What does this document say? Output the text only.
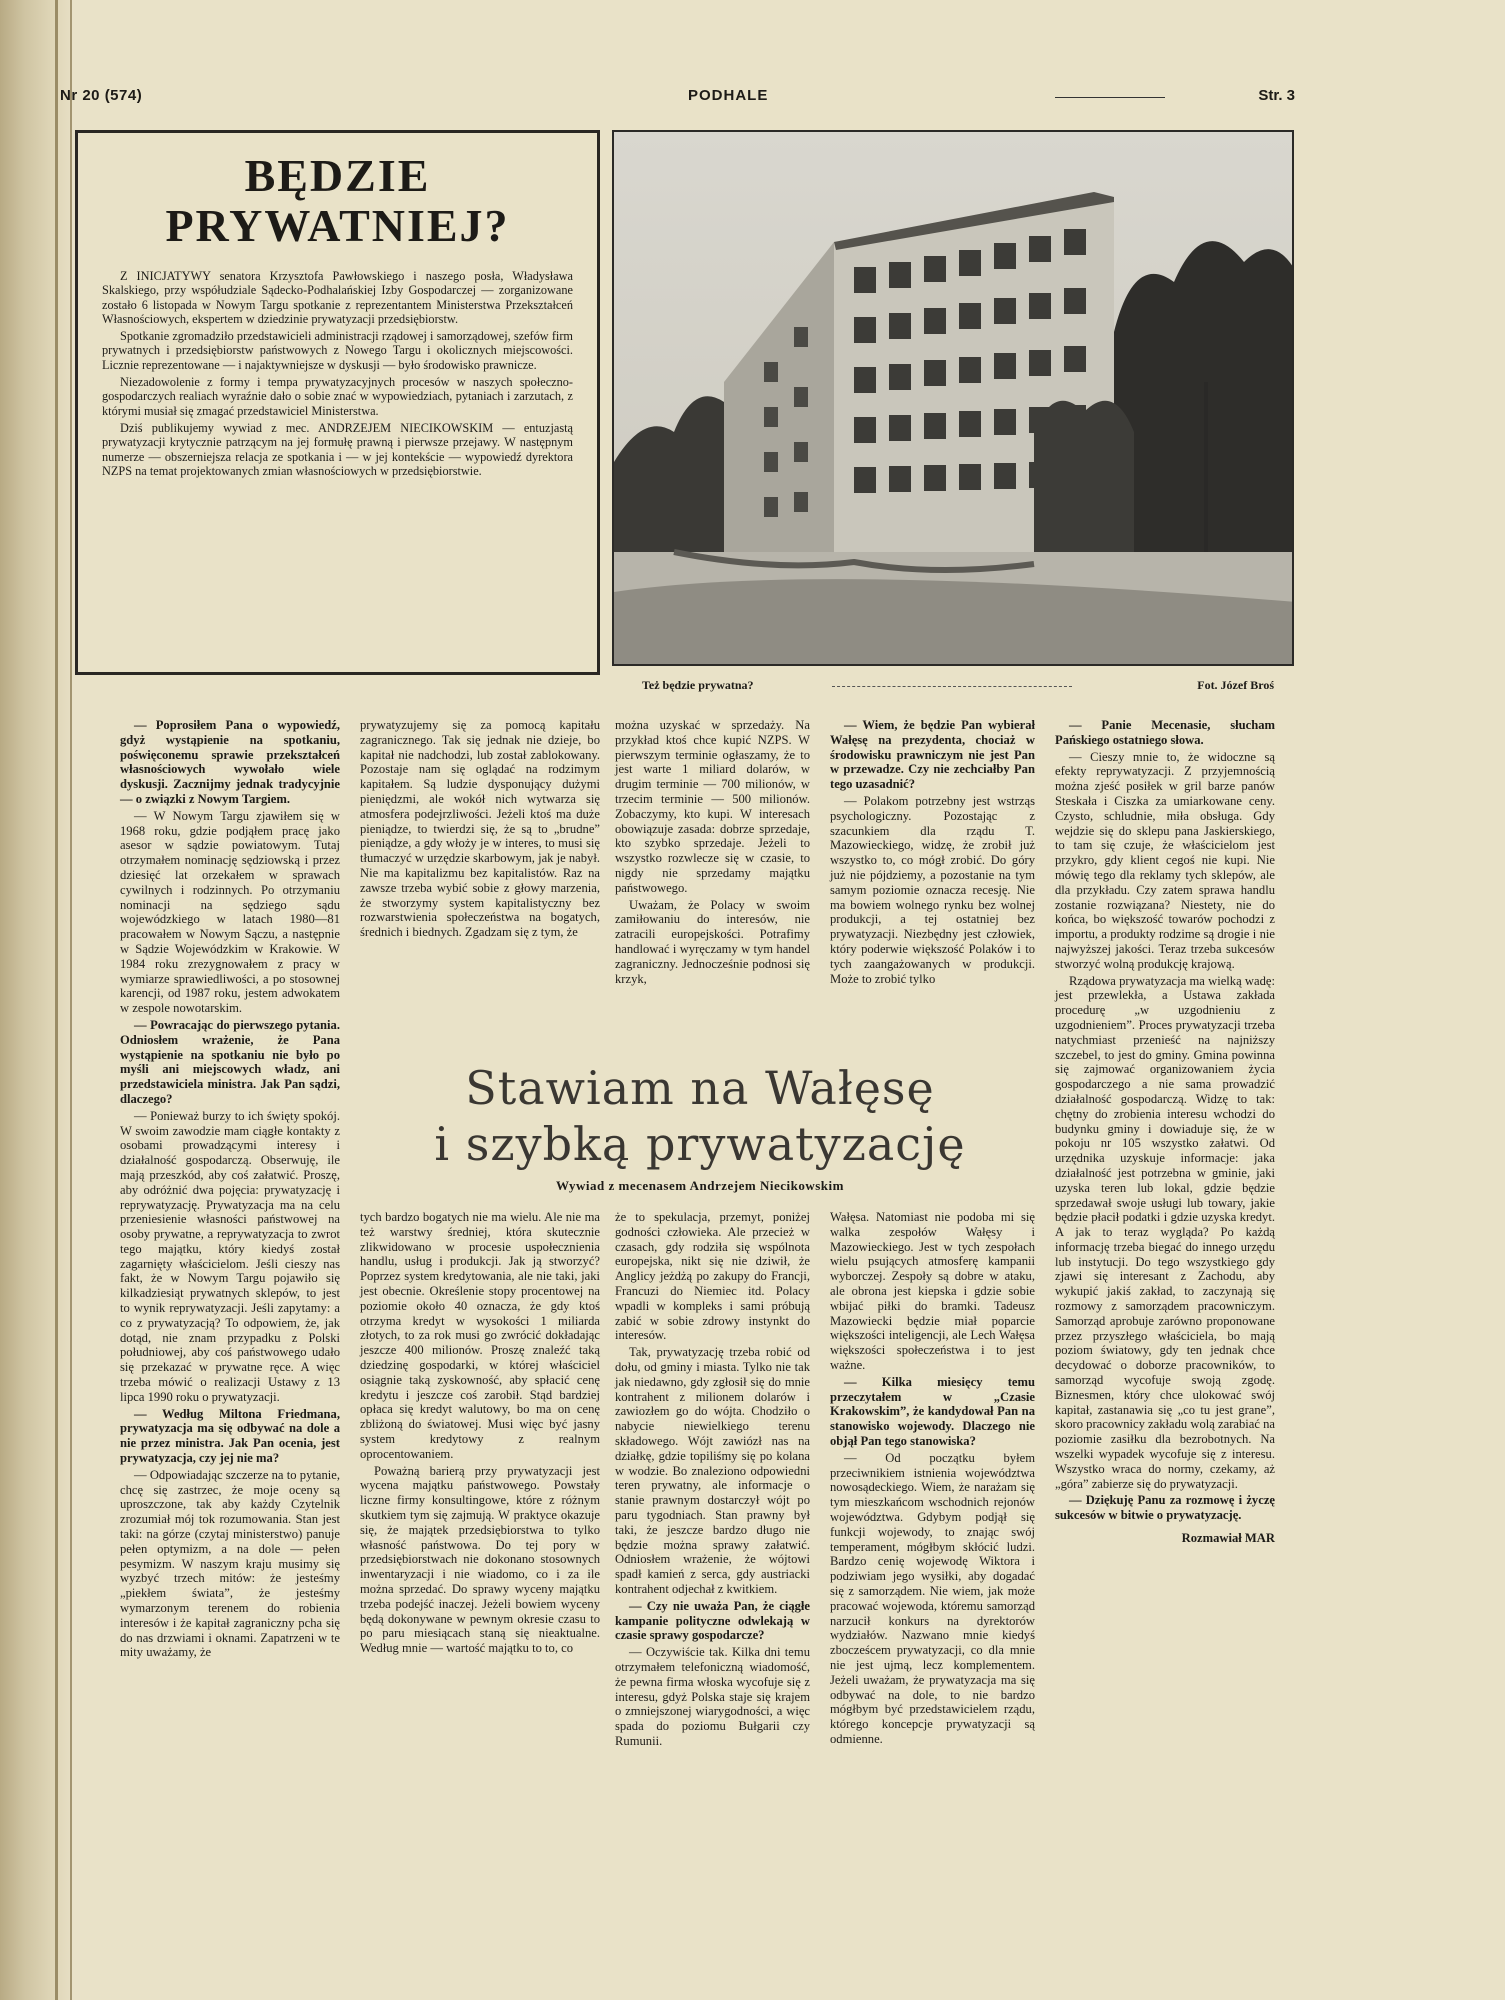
Nr 20 (574)	PODHALE	Str. 3
BĘDZIE PRYWATNIEJ?

Z INICJATYWY senatora Krzysztofa Pawłowskiego i naszego posła, Władysława Skalskiego, przy współudziale Sądecko-Podhalańskiej Izby Gospodarczej — zorganizowane zostało 6 listopada w Nowym Targu spotkanie z reprezentantem Ministerstwa Przekształceń Własnościowych, ekspertem w dziedzinie prywatyzacji przedsiębiorstw.

Spotkanie zgromadziło przedstawicieli administracji rządowej i samorządowej, szefów firm prywatnych i przedsiębiorstw państwowych z Nowego Targu i okolicznych miejscowości. Licznie reprezentowane — i najaktywniejsze w dyskusji — było środowisko prawnicze.

Niezadowolenie z formy i tempa prywatyzacyjnych procesów w naszych społeczno-gospodarczych realiach wyraźnie dało o sobie znać w wypowiedziach, pytaniach i zarzutach, z którymi musiał się zmagać przedstawiciel Ministerstwa.

Dziś publikujemy wywiad z mec. ANDRZEJEM NIECIKOWSKIM — entuzjastą prywatyzacji krytycznie patrzącym na jej formułę prawną i pierwsze przejawy. W następnym numerze — obszerniejsza relacja ze spotkania i — w jej kontekście — wypowiedź dyrektora NZPS na temat projektowanych zmian własnościowych w przedsiębiorstwie.

Też będzie prywatna?	Fot. Józef Broś

— Poprosiłem Pana o wypowiedź, gdyż wystąpienie na spotkaniu, poświęconemu sprawie przekształceń własnościowych wywołało wiele dyskusji. Zacznijmy jednak tradycyjnie — o związki z Nowym Targiem.

— W Nowym Targu zjawiłem się w 1968 roku, gdzie podjąłem pracę jako asesor w sądzie powiatowym. Tutaj otrzymałem nominację sędziowską i przez dziesięć lat orzekałem w sprawach cywilnych i rodzinnych. Po otrzymaniu nominacji na sędziego sądu wojewódzkiego w latach 1980—81 pracowałem w Nowym Sączu, a następnie w Sądzie Wojewódzkim w Krakowie. W 1984 roku zrezygnowałem z pracy w wymiarze sprawiedliwości, a po stosownej karencji, od 1987 roku, jestem adwokatem w zespole nowotarskim.

— Powracając do pierwszego pytania. Odniosłem wrażenie, że Pana wystąpienie na spotkaniu nie było po myśli ani miejscowych władz, ani przedstawiciela ministra. Jak Pan sądzi, dlaczego?

— Ponieważ burzy to ich święty spokój. W swoim zawodzie mam ciągłe kontakty z osobami prowadzącymi interesy i działalność gospodarczą. Obserwuję, ile mają przeszkód, aby coś załatwić. Proszę, aby odróżnić dwa pojęcia: prywatyzację i reprywatyzację. Prywatyzacja ma na celu przeniesienie własności państwowej na osoby prywatne, a reprywatyzacja to zwrot tego majątku, który kiedyś został zagarnięty właścicielom. Jeśli cieszy nas fakt, że w Nowym Targu pojawiło się kilkadziesiąt prywatnych sklepów, to jest to wynik reprywatyzacji. Jeśli zapytamy: a co z prywatyzacją? To odpowiem, że, jak dotąd, nie znam przypadku z Polski południowej, aby coś państwowego udało się przekazać w prywatne ręce. A więc trzeba mówić o realizacji Ustawy z 13 lipca 1990 roku o prywatyzacji.

— Według Miltona Friedmana, prywatyzacja ma się odbywać na dole a nie przez ministra. Jak Pan ocenia, jest prywatyzacja, czy jej nie ma?

— Odpowiadając szczerze na to pytanie, chcę się zastrzec, że moje oceny są uproszczone, tak aby każdy Czytelnik zrozumiał mój tok rozumowania. Stan jest taki: na górze (czytaj ministerstwo) panuje pełen optymizm, a na dole — pełen pesymizm. W naszym kraju musimy się wyzbyć trzech mitów: że jesteśmy „piekłem świata”, że jesteśmy wymarzonym terenem do robienia interesów i że kapitał zagraniczny pcha się do nas drzwiami i oknami. Zapatrzeni w te mity uważamy, że

prywatyzujemy się za pomocą kapitału zagranicznego. Tak się jednak nie dzieje, bo kapitał nie nadchodzi, lub został zablokowany. Pozostaje nam się oglądać na rodzimym kapitałem. Są ludzie dysponujący dużymi pieniędzmi, ale wokół nich wytwarza się atmosfera podejrzliwości. Jeżeli ktoś ma duże pieniądze, to twierdzi się, że są to „brudne” pieniądze, a gdy włoży je w interes, to musi się tłumaczyć w urzędzie skarbowym, jak je nabył. Nie ma kapitalizmu bez kapitalistów. Raz na zawsze trzeba wybić sobie z głowy marzenia, że stworzymy system kapitalistyczny bez rozwarstwienia społeczeństwa na bogatych, średnich i biednych. Zgadzam się z tym, że

można uzyskać w sprzedaży. Na przykład ktoś chce kupić NZPS. W pierwszym terminie ogłaszamy, że to jest warte 1 miliard dolarów, w drugim terminie — 700 milionów, w trzecim terminie — 500 milionów. Zobaczymy, kto kupi. W interesach obowiązuje zasada: dobrze sprzedaje, kto szybko sprzedaje. Jeżeli to wszystko rozwlecze się w czasie, to nigdy nie sprzedamy majątku państwowego.

Uważam, że Polacy w swoim zamiłowaniu do interesów, nie zatracili europejskości. Potrafimy handlować i wyręczamy w tym handel zagraniczny. Jednocześnie podnosi się krzyk,

— Wiem, że będzie Pan wybierał Wałęsę na prezydenta, chociaż w środowisku prawniczym nie jest Pan w przewadze. Czy nie zechciałby Pan tego uzasadnić?

— Polakom potrzebny jest wstrząs psychologiczny. Pozostając z szacunkiem dla rządu T. Mazowieckiego, widzę, że zrobił już wszystko to, co mógł zrobić. Do góry już nie pójdziemy, a pozostanie na tym samym poziomie oznacza recesję. Nie ma bowiem wolnego rynku bez wolnej produkcji, a tej ostatniej bez prywatyzacji. Niezbędny jest człowiek, który poderwie większość Polaków i to tych zaangażowanych w produkcji. Może to zrobić tylko

— Panie Mecenasie, słucham Pańskiego ostatniego słowa.

— Cieszy mnie to, że widoczne są efekty reprywatyzacji. Z przyjemnością można zjeść posiłek w gril barze panów Steskała i Ciszka za umiarkowane ceny. Czysto, schludnie, miła obsługa. Gdy wejdzie się do sklepu pana Jaskierskiego, to tam się czuje, że właścicielom jest przykro, gdy klient cegoś nie kupi. Nie mówię tego dla reklamy tych sklepów, ale dla przykładu. Czy zatem sprawa handlu zostanie rozwiązana? Niestety, nie do końca, bo większość towarów pochodzi z importu, a produkty rodzime są drogie i nie najwyższej jakości. Teraz trzeba sukcesów stworzyć wolną produkcję krajową.

Rządowa prywatyzacja ma wielką wadę: jest przewlekła, a Ustawa zakłada procedurę „w uzgodnieniu z uzgodnieniem”. Proces prywatyzacji trzeba natychmiast przenieść na najniższy szczebel, to jest do gminy. Gmina powinna się zajmować organizowaniem życia gospodarczego a nie sama prowadzić działalność gospodarczą. Widzę to tak: chętny do zrobienia interesu wchodzi do budynku gminy i dowiaduje się, że w pokoju nr 105 wszystko załatwi. Od urzędnika uzyskuje informacje: jaka działalność jest potrzebna w gminie, jaki uzyska teren lub lokal, gdzie będzie sprzedawał swoje usługi lub towary, jakie będzie płacił podatki i gdzie uzyska kredyt. A jak to teraz wygląda? Po każdą informację trzeba biegać do innego urzędu lub instytucji. Do tego wszystkiego gdy zjawi się interesant z Zachodu, aby wykupić jakiś zakład, to zaczynają się rozmowy z samorządem pracowniczym. Samorząd aprobuje zarówno proponowane przez przyszłego właściciela, bo mają poziom światowy, gdy ten jednak chce decydować o doborze pracowników, to samorząd wycofuje swoją zgodę. Biznesmen, który chce ulokować swój kapitał, zastanawia się „co tu jest grane”, skoro pracownicy zakładu wolą zarabiać na poziomie zasiłku dla bezrobotnych. Na wszelki wypadek wycofuje się z interesu. Wszystko wraca do normy, czekamy, aż „góra” zabierze się do prywatyzacji.

— Dziękuję Panu za rozmowę i życzę sukcesów w bitwie o prywatyzację.

Rozmawiał MAR
Stawiam na Wałęsę
i szybką prywatyzację
Wywiad z mecenasem Andrzejem Niecikowskim

tych bardzo bogatych nie ma wielu. Ale nie ma też warstwy średniej, która skutecznie zlikwidowano w procesie uspołecznienia handlu, usług i produkcji. Jak ją stworzyć? Poprzez system kredytowania, ale nie taki, jaki jest obecnie. Określenie stopy procentowej na poziomie około 40 oznacza, że gdy ktoś otrzyma kredyt w wysokości 1 miliarda złotych, to za rok musi go zwrócić dokładając jeszcze 400 milionów. Proszę znaleźć taką dziedzinę gospodarki, w której właściciel osiągnie taką zyskowność, aby spłacić cenę kredytu i jeszcze coś zarobił. Stąd bardziej opłaca się kredyt walutowy, bo ma on cenę zbliżoną do światowej. Musi więc być jasny system kredytowy z realnym oprocentowaniem.

Poważną barierą przy prywatyzacji jest wycena majątku państwowego. Powstały liczne firmy konsultingowe, które z różnym skutkiem tym się zajmują. W praktyce okazuje się, że majątek przedsiębiorstwa to tylko własność państwowa. Do tej pory w przedsiębiorstwach nie dokonano stosownych inwentaryzacji i nie wiadomo, co i za ile można sprzedać. Do sprawy wyceny majątku trzeba podejść inaczej. Jeżeli bowiem wyceny będą dokonywane w pewnym okresie czasu to po paru miesiącach staną się nieaktualne. Według mnie — wartość majątku to to, co

że to spekulacja, przemyt, poniżej godności człowieka. Ale przecież w czasach, gdy rodziła się wspólnota europejska, nikt się nie dziwił, że Anglicy jeżdżą po zakupy do Francji, Francuzi do Niemiec itd. Polacy wpadli w kompleks i sami próbują zabić w sobie zdrowy instynkt do interesów.

Tak, prywatyzację trzeba robić od dołu, od gminy i miasta. Tylko nie tak jak niedawno, gdy zgłosił się do mnie kontrahent z milionem dolarów i zawiozłem go do wójta. Chodziło o nabycie niewielkiego terenu składowego. Wójt zawiózł nas na działkę, gdzie topiliśmy się po kolana w wodzie. Bo znaleziono odpowiedni teren prywatny, ale informacje o stanie prawnym dostarczył wójt po paru tygodniach. Stan prawny był taki, że jeszcze bardzo długo nie będzie można sprawy załatwić. Odniosłem wrażenie, że wójtowi spadł kamień z serca, gdy austriacki kontrahent odjechał z kwitkiem.

— Czy nie uważa Pan, że ciągłe kampanie polityczne odwlekają w czasie sprawy gospodarcze?

— Oczywiście tak. Kilka dni temu otrzymałem telefoniczną wiadomość, że pewna firma włoska wycofuje się z interesu, gdyż Polska staje się krajem o zmniejszonej wiarygodności, a więc spada do poziomu Bułgarii czy Rumunii.

Wałęsa. Natomiast nie podoba mi się walka zespołów Wałęsy i Mazowieckiego. Jest w tych zespołach wielu psujących atmosferę kampanii wyborczej. Zespoły są dobre w ataku, ale obrona jest kiepska i gdzie sobie wbijać piłki do bramki. Tadeusz Mazowiecki będzie miał poparcie większości inteligencji, ale Lech Wałęsa większości społeczeństwa i to jest ważne.

— Kilka miesięcy temu przeczytałem w „Czasie Krakowskim”, że kandydował Pan na stanowisko wojewody. Dlaczego nie objął Pan tego stanowiska?

— Od początku byłem przeciwnikiem istnienia województwa nowosądeckiego. Wiem, że narażam się tym mieszkańcom wschodnich rejonów województwa. Gdybym podjął się funkcji wojewody, to znając swój temperament, mógłbym skłócić ludzi. Bardzo cenię wojewodę Wiktora i podziwiam jego wysiłki, aby dogadać się z samorządem. Nie wiem, jak może pracować wojewoda, któremu samorząd narzucił konkurs na dyrektorów wydziałów. Nazwano mnie kiedyś zbocześcem prywatyzacji, co dla mnie nie jest ujmą, lecz komplementem. Jeżeli uważam, że prywatyzacja ma się odbywać na dole, to nie bardzo mógłbym być przedstawicielem rządu, którego koncepcje prywatyzacji są odmienne.
